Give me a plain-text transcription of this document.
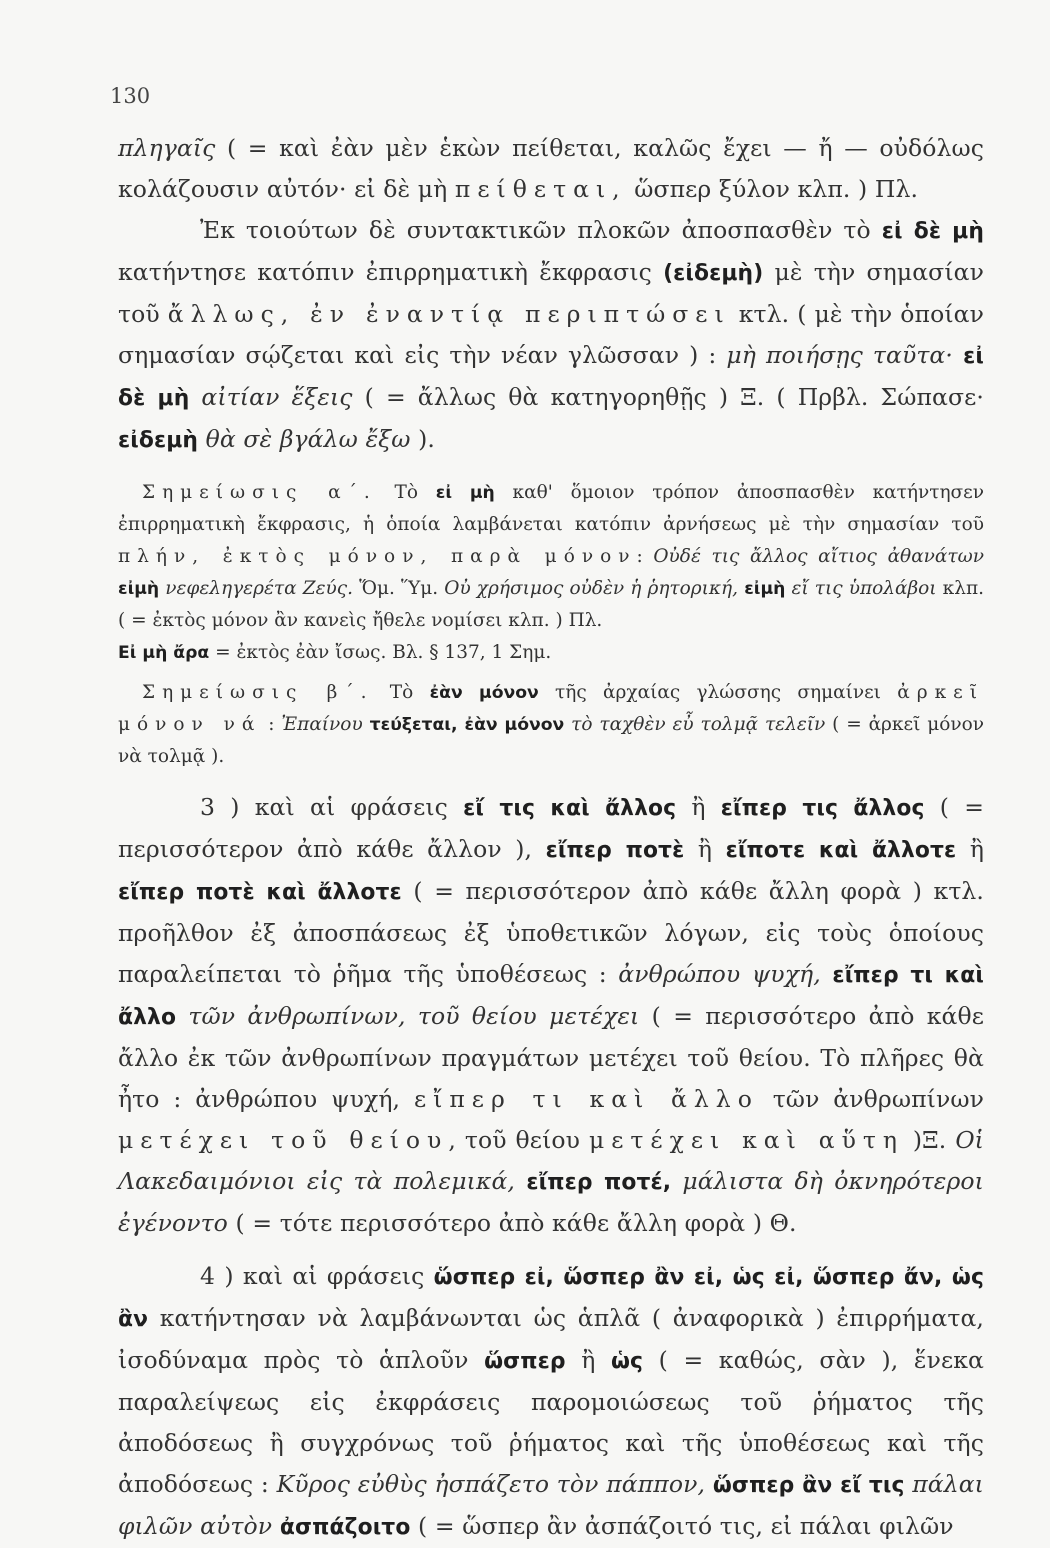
130

πληγαῖς ( = καὶ ἐὰν μὲν ἑκὼν πείθεται, καλῶς ἔχει — ἤ — οὐδόλως κολάζουσιν αὐτόν· εἰ δὲ μὴ πείθεται, ὥσπερ ξύλον κλπ. ) Πλ.

Ἐκ τοιούτων δὲ συντακτικῶν πλοκῶν ἀποσπασθὲν τὸ εἰ δὲ μὴ κατήντησε κατόπιν ἐπιρρηματικὴ ἔκφρασις (εἰδεμὴ) μὲ τὴν σημασίαν τοῦ ἄλλως, ἐν ἐναντίᾳ περιπτώσει κτλ. ( μὲ τὴν ὁποίαν σημασίαν σῴζεται καὶ εἰς τὴν νέαν γλῶσσαν ) : μὴ ποιήσῃς ταῦτα· εἰ δὲ μὴ αἰτίαν ἕξεις ( = ἄλλως θὰ κατηγορηθῇς ) Ξ. ( Πρβλ. Σώπασε· εἰδεμὴ θὰ σὲ βγάλω ἔξω ).

Σημείωσις α΄. Τὸ εἰ μὴ καθ' ὅμοιον τρόπον ἀποσπασθὲν κατήντησεν ἐπιρρηματικὴ ἔκφρασις, ἡ ὁποία λαμβάνεται κατόπιν ἀρνήσεως μὲ τὴν σημασίαν τοῦ πλήν, ἐκτὸς μόνον, παρὰ μόνον: Οὐδέ τις ἄλλος αἴτιος ἀθανάτων εἰμὴ νεφεληγερέτα Ζεύς. Ὅμ. Ὕμ. Οὐ χρήσιμος οὐδὲν ἡ ῥητορική, εἰμὴ εἴ τις ὑπολάβοι κλπ. ( = ἐκτὸς μόνον ἂν κανεὶς ἤθελε νομίσει κλπ. ) Πλ.
Εἰ μὴ ἄρα = ἐκτὸς ἐὰν ἴσως. Βλ. § 137, 1 Σημ.

Σημείωσις β΄. Τὸ ἐὰν μόνον τῆς ἀρχαίας γλώσσης σημαίνει ἀρκεῖ μόνον νά : Ἐπαίνου τεύξεται, ἐὰν μόνον τὸ ταχθὲν εὖ τολμᾷ τελεῖν ( = ἀρκεῖ μόνον νὰ τολμᾷ ).

3 ) καὶ αἱ φράσεις εἴ τις καὶ ἄλλος ἢ εἴπερ τις ἄλλος ( = περισσότερον ἀπὸ κάθε ἄλλον ), εἴπερ ποτὲ ἢ εἴποτε καὶ ἄλλοτε ἢ εἴπερ ποτὲ καὶ ἄλλοτε ( = περισσότερον ἀπὸ κάθε ἄλλη φορὰ ) κτλ. προῆλθον ἐξ ἀποσπάσεως ἐξ ὑποθετικῶν λόγων, εἰς τοὺς ὁποίους παραλείπεται τὸ ῥῆμα τῆς ὑποθέσεως : ἀνθρώπου ψυχή, εἴπερ τι καὶ ἄλλο τῶν ἀνθρωπίνων, τοῦ θείου μετέχει ( = περισσότερο ἀπὸ κάθε ἄλλο ἐκ τῶν ἀνθρωπίνων πραγμάτων μετέχει τοῦ θείου. Τὸ πλῆρες θὰ ἦτο : ἀνθρώπου ψυχή, εἴπερ τι καὶ ἄλλο τῶν ἀνθρωπίνων μετέχει τοῦ θείου, τοῦ θείου μετέχει καὶ αὕτη )Ξ. Οἱ Λακεδαιμόνιοι εἰς τὰ πολεμικά, εἴπερ ποτέ, μάλιστα δὴ ὀκνηρότεροι ἐγένοντο ( = τότε περισσότερο ἀπὸ κάθε ἄλλη φορὰ ) Θ.

4 ) καὶ αἱ φράσεις ὥσπερ εἰ, ὥσπερ ἂν εἰ, ὡς εἰ, ὥσπερ ἄν, ὡς ἂν κατήντησαν νὰ λαμβάνωνται ὡς ἁπλᾶ ( ἀναφορικὰ ) ἐπιρρήματα, ἰσοδύναμα πρὸς τὸ ἁπλοῦν ὥσπερ ἢ ὡς ( = καθώς, σὰν ), ἕνεκα παραλείψεως εἰς ἐκφράσεις παρομοιώσεως τοῦ ῥήματος τῆς ἀποδόσεως ἢ συγχρόνως τοῦ ῥήματος καὶ τῆς ὑποθέσεως καὶ τῆς ἀποδόσεως : Κῦρος εὐθὺς ἠσπάζετο τὸν πάππον, ὥσπερ ἂν εἴ τις πάλαι φιλῶν αὐτὸν ἀσπάζοιτο ( = ὥσπερ ἂν ἀσπάζοιτό τις, εἰ πάλαι φιλῶν
